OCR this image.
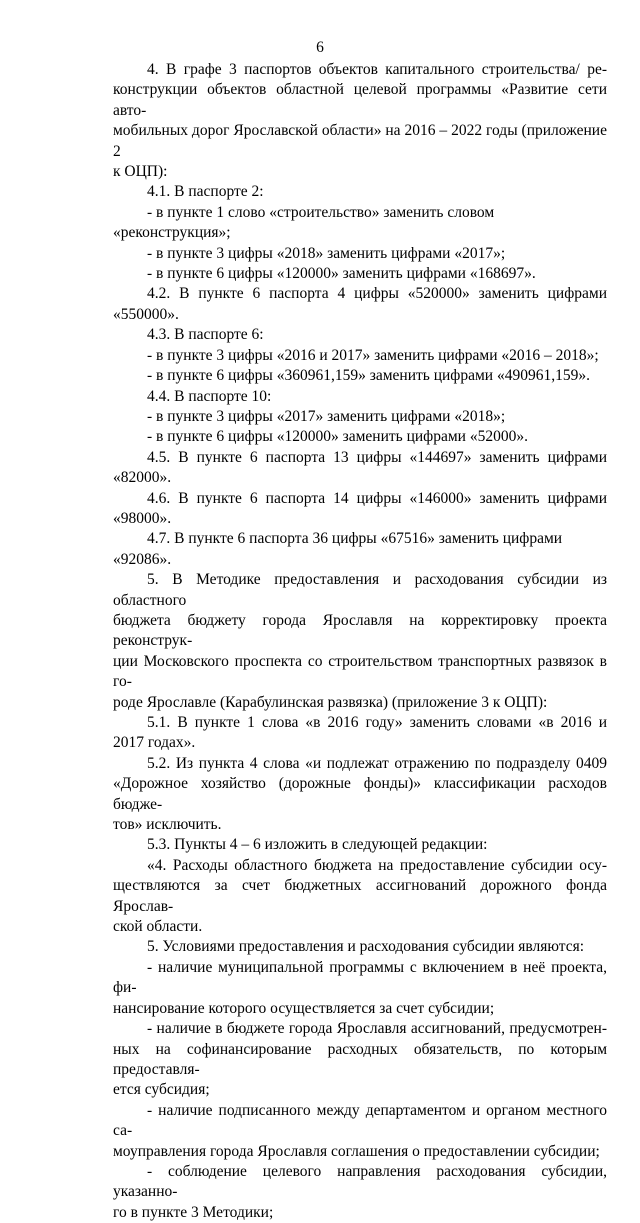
6
4. В графе 3 паспортов объектов капитального строительства/ ре-
конструкции объектов областной целевой программы «Развитие сети авто-
мобильных дорог Ярославской области» на 2016 – 2022 годы (приложение 2
к ОЦП):
4.1. В паспорте 2:
- в пункте 1 слово «строительство» заменить словом «реконструкция»;
- в пункте 3 цифры «2018» заменить цифрами «2017»;
- в пункте 6 цифры «120000» заменить цифрами «168697».
4.2. В пункте 6 паспорта 4 цифры «520000» заменить цифрами
«550000».
4.3. В паспорте 6:
- в пункте 3 цифры «2016 и 2017» заменить цифрами «2016 – 2018»;
- в пункте 6 цифры «360961,159» заменить цифрами «490961,159».
4.4. В паспорте 10:
- в пункте 3 цифры «2017» заменить цифрами «2018»;
- в пункте 6 цифры «120000» заменить цифрами «52000».
4.5. В пункте 6 паспорта 13 цифры «144697» заменить цифрами
«82000».
4.6. В пункте 6 паспорта 14 цифры «146000» заменить цифрами
«98000».
4.7. В пункте 6 паспорта 36 цифры «67516» заменить цифрами «92086».
5. В Методике предоставления и расходования субсидии из областного
бюджета бюджету города Ярославля на корректировку проекта реконструк-
ции Московского проспекта со строительством транспортных развязок в го-
роде Ярославле (Карабулинская развязка) (приложение 3 к ОЦП):
5.1. В пункте 1 слова «в 2016 году» заменить словами «в 2016 и
2017 годах».
5.2. Из пункта 4 слова «и подлежат отражению по подразделу 0409
«Дорожное хозяйство (дорожные фонды)» классификации расходов бюдже-
тов» исключить.
5.3. Пункты 4 – 6 изложить в следующей редакции:
«4. Расходы областного бюджета на предоставление субсидии осу-
ществляются за счет бюджетных ассигнований дорожного фонда Ярослав-
ской области.
5. Условиями предоставления и расходования субсидии являются:
- наличие муниципальной программы с включением в неё проекта, фи-
нансирование которого осуществляется за счет субсидии;
- наличие в бюджете города Ярославля ассигнований, предусмотрен-
ных на софинансирование расходных обязательств, по которым предоставля-
ется субсидия;
- наличие подписанного между департаментом и органом местного са-
моуправления города Ярославля соглашения о предоставлении субсидии;
- соблюдение целевого направления расходования субсидии, указанно-
го в пункте 3 Методики;
